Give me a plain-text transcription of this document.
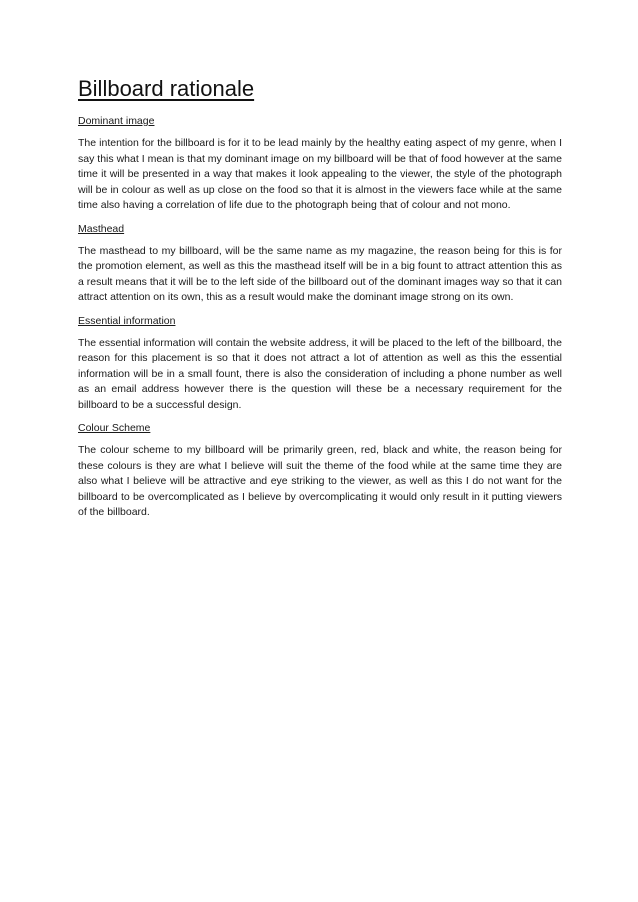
Billboard rationale
Dominant image

The intention for the billboard is for it to be lead mainly by the healthy eating aspect of my genre, when I say this what I mean is that my dominant image on my billboard will be that of food however at the same time it will be presented in a way that makes it look appealing to the viewer, the style of the photograph will be in colour as well as up close on the food so that it is almost in the viewers face while at the same time also having a correlation of life due to the photograph being that of colour and not mono.

Masthead

The masthead to my billboard, will be the same name as my magazine, the reason being for this is for the promotion element, as well as this the masthead itself will be in a big fount to attract attention this as a result means that it will be to the left side of the billboard out of the dominant images way so that it can attract attention on its own, this as a result would make the dominant image strong on its own.

Essential information

The essential information will contain the website address, it will be placed to the left of the billboard, the reason for this placement is so that it does not attract a lot of attention as well as this the essential information will be in a small fount, there is also the consideration of including a phone number as well as an email address however there is the question will these be a necessary requirement for the billboard to be a successful design.

Colour Scheme

The colour scheme to my billboard will be primarily green, red, black and white, the reason being for these colours is they are what I believe will suit the theme of the food while at the same time they are also what I believe will be attractive and eye striking to the viewer, as well as this I do not want for the billboard to be overcomplicated as I believe by overcomplicating it would only result in it putting viewers of the billboard.
